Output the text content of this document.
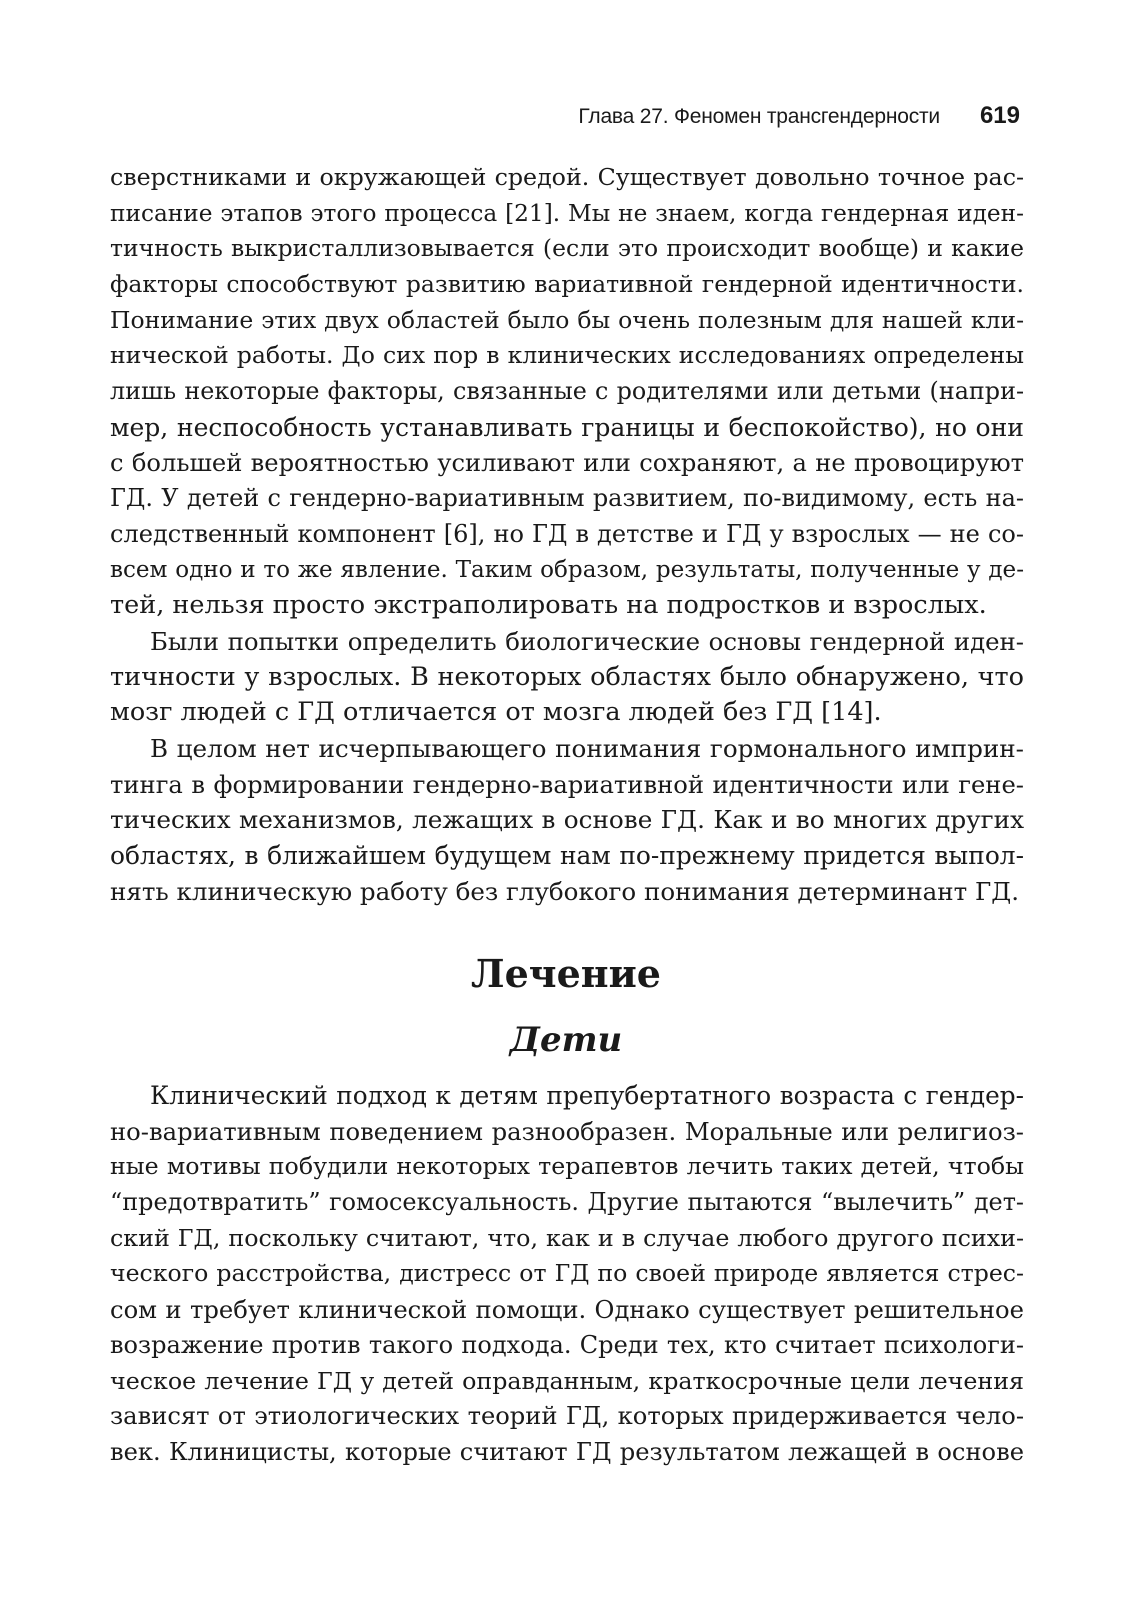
Глава 27. Феномен трансгендерности 619
сверстниками и окружающей средой. Существует довольно точное рас-
писание этапов этого процесса [21]. Мы не знаем, когда гендерная иден-
тичность выкристаллизовывается (если это происходит вообще) и какие
факторы способствуют развитию вариативной гендерной идентичности.
Понимание этих двух областей было бы очень полезным для нашей кли-
нической работы. До сих пор в клинических исследованиях определены
лишь некоторые факторы, связанные с родителями или детьми (напри-
мер, неспособность устанавливать границы и беспокойство), но они
с большей вероятностью усиливают или сохраняют, а не провоцируют
ГД. У детей с гендерно-вариативным развитием, по-видимому, есть на-
следственный компонент [6], но ГД в детстве и ГД у взрослых — не со-
всем одно и то же явление. Таким образом, результаты, полученные у де-
тей, нельзя просто экстраполировать на подростков и взрослых.
Были попытки определить биологические основы гендерной иден-
тичности у взрослых. В некоторых областях было обнаружено, что
мозг людей с ГД отличается от мозга людей без ГД [14].
В целом нет исчерпывающего понимания гормонального имприн-
тинга в формировании гендерно-вариативной идентичности или гене-
тических механизмов, лежащих в основе ГД. Как и во многих других
областях, в ближайшем будущем нам по-прежнему придется выпол-
нять клиническую работу без глубокого понимания детерминант ГД.
Лечение
Дети
Клинический подход к детям препубертатного возраста с гендер-
но-вариативным поведением разнообразен. Моральные или религиоз-
ные мотивы побудили некоторых терапевтов лечить таких детей, чтобы
“предотвратить” гомосексуальность. Другие пытаются “вылечить” дет-
ский ГД, поскольку считают, что, как и в случае любого другого психи-
ческого расстройства, дистресс от ГД по своей природе является стрес-
сом и требует клинической помощи. Однако существует решительное
возражение против такого подхода. Среди тех, кто считает психологи-
ческое лечение ГД у детей оправданным, краткосрочные цели лечения
зависят от этиологических теорий ГД, которых придерживается чело-
век. Клиницисты, которые считают ГД результатом лежащей в основе
